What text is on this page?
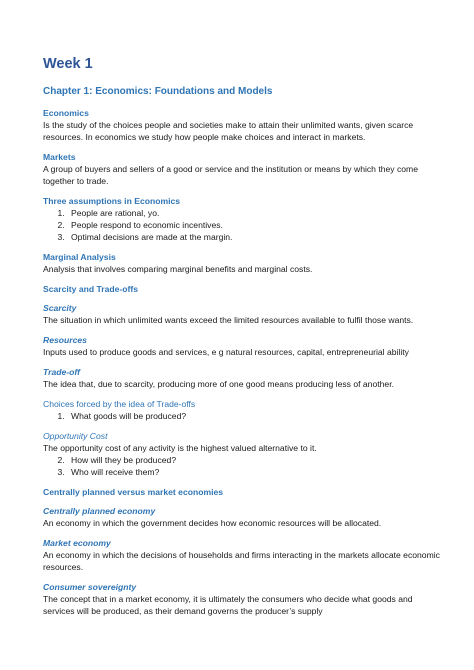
Week 1
Chapter 1: Economics: Foundations and Models
Economics

Is the study of the choices people and societies make to attain their unlimited wants, given scarce resources. In economics we study how people make choices and interact in markets.

Markets

A group of buyers and sellers of a good or service and the institution or means by which they come together to trade.

Three assumptions in Economics
1. People are rational, yo.
2. People respond to economic incentives.
3. Optimal decisions are made at the margin.
Marginal Analysis

Analysis that involves comparing marginal benefits and marginal costs.

Scarcity and Trade-offs
Scarcity

The situation in which unlimited wants exceed the limited resources available to fulfil those wants.

Resources

Inputs used to produce goods and services, e g natural resources, capital, entrepreneurial ability

Trade-off

The idea that, due to scarcity, producing more of one good means producing less of another.

Choices forced by the idea of Trade-offs
1. What goods will be produced?
Opportunity Cost

The opportunity cost of any activity is the highest valued alternative to it.

2. How will they be produced?
3. Who will receive them?
Centrally planned versus market economies
Centrally planned economy

An economy in which the government decides how economic resources will be allocated.

Market economy

An economy in which the decisions of households and firms interacting in the markets allocate economic resources.

Consumer sovereignty

The concept that in a market economy, it is ultimately the consumers who decide what goods and services will be produced, as their demand governs the producer’s supply
